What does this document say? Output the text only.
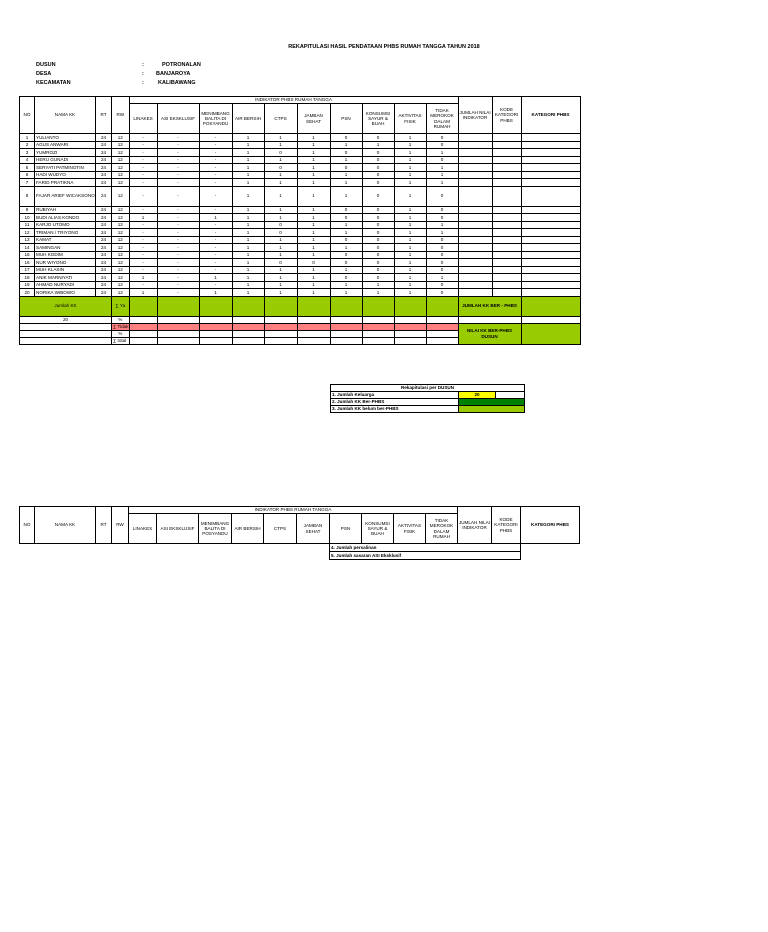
REKAPITULASI HASIL PENDATAAN PHBS RUMAH TANGGA TAHUN 2018
DUSUN	:	POTRONALAN
DESA	: BANJAROYA
KECAMATAN	:	KALIBAWANG
NO	NAMA KK	RT	RW	INDIKATOR PHBS RUMAH TANGGA										JUMLAH NILAI INDIKATOR	KODE KATEGORI PHBS	KATEGORI PHBS
				LINAKES	ASI EKSKLUSIF	MENIMBANG BALITA DI POSYANDU	AIR BERSIH	CTPS	JAMBAN SEHAT	PSN	KONSUMSI SAYUR & BUAH	AKTIVITAS FISIK	TIDAK MEROKOK DALAM RUMAH			
1	YULIANTO	24	12	-	-	-	1	1	1	0	0	1	0			
2	AGUS ANWARI	24	12	-	-	-	1	1	1	1	1	1	0			
3	YUMROZI	24	12	-	-	-	1	0	1	0	0	1	1			
4	HERU GUNADI	24	12	-	-	-	1	1	1	1	0	1	0			
5	SERYATI PATMINOTIN	24	12	-	-	-	1	0	1	0	0	1	1			
6	HADI WUDYO	24	12	-	-	-	1	1	1	1	0	1	1			
7	FARID PRATIKNA	24	12	-	-	-	1	1	1	1	0	1	1			
8	FAJAR ARIEF WICAKSONO	24	12	-	-	-	1	1	1	1	0	1	0			
9	RUBIYAH	24	12	-	-	-	1	1	1	0	0	1	0			
10	BUDI ALIAS KONDO	24	12	1	-	1	1	1	1	0	0	1	0			
11	KARJO UTOMO	24	12	-	-	-	1	0	1	1	0	1	1			
12	TRIMAN / TRIYONO	24	12	-	-	-	1	0	1	1	0	1	1			
13	KAMAT	24	12	-	-	-	1	1	1	0	0	1	0			
14	SAMINGAN	24	12	-	-	-	1	1	1	1	0	1	0			
15	MUH KODIM	24	12	-	-	-	1	1	1	0	0	1	0			
16	NUR WIYONO	24	12	-	-	-	1	0	0	0	0	1	0			
17	MUH KLASIN	24	12	-	-	-	1	1	1	1	0	1	0			
18	ANIK MARNIYATI	24	12	1	-	1	1	1	1	0	0	1	1			
19	AHMAD NURYADI	24	12	-	-	-	1	1	1	1	1	1	0			
20	NORIKA WIBOWO	24	12	1	-	1	1	1	1	1	1	1	0			
Jumlah KK			∑ Ya											JUMLAH KK BER - PHBS		
20			%													
			∑ Tidak											NILAI KK BER-PHBS DUSUN		
			%													
			∑ total													
Rekapitulasi per DUSUN		
1. Jumlah Keluarga	20	
2. Jumlah KK Ber-PHBS		
3. Jumlah KK belum ber-PHBS		
NO	NAMA KK	RT	RW	INDIKATOR PHBS RUMAH TANGGA										JUMLAH NILAI INDIKATOR	KODE KATEGORI PHBS	KATEGORI PHBS
				LINAKES	ASI EKSKLUSIF	MENIMBANG BALITA DI POSYANDU	AIR BERSIH	CTPS	JAMBAN SEHAT	PSN	KONSUMSI SAYUR & BUAH	AKTIVITAS FISIK	TIDAK MEROKOK DALAM RUMAH			
										4. Jumlah persalinan						
										5. Jumlah sasaran ASI Eksklusif						
